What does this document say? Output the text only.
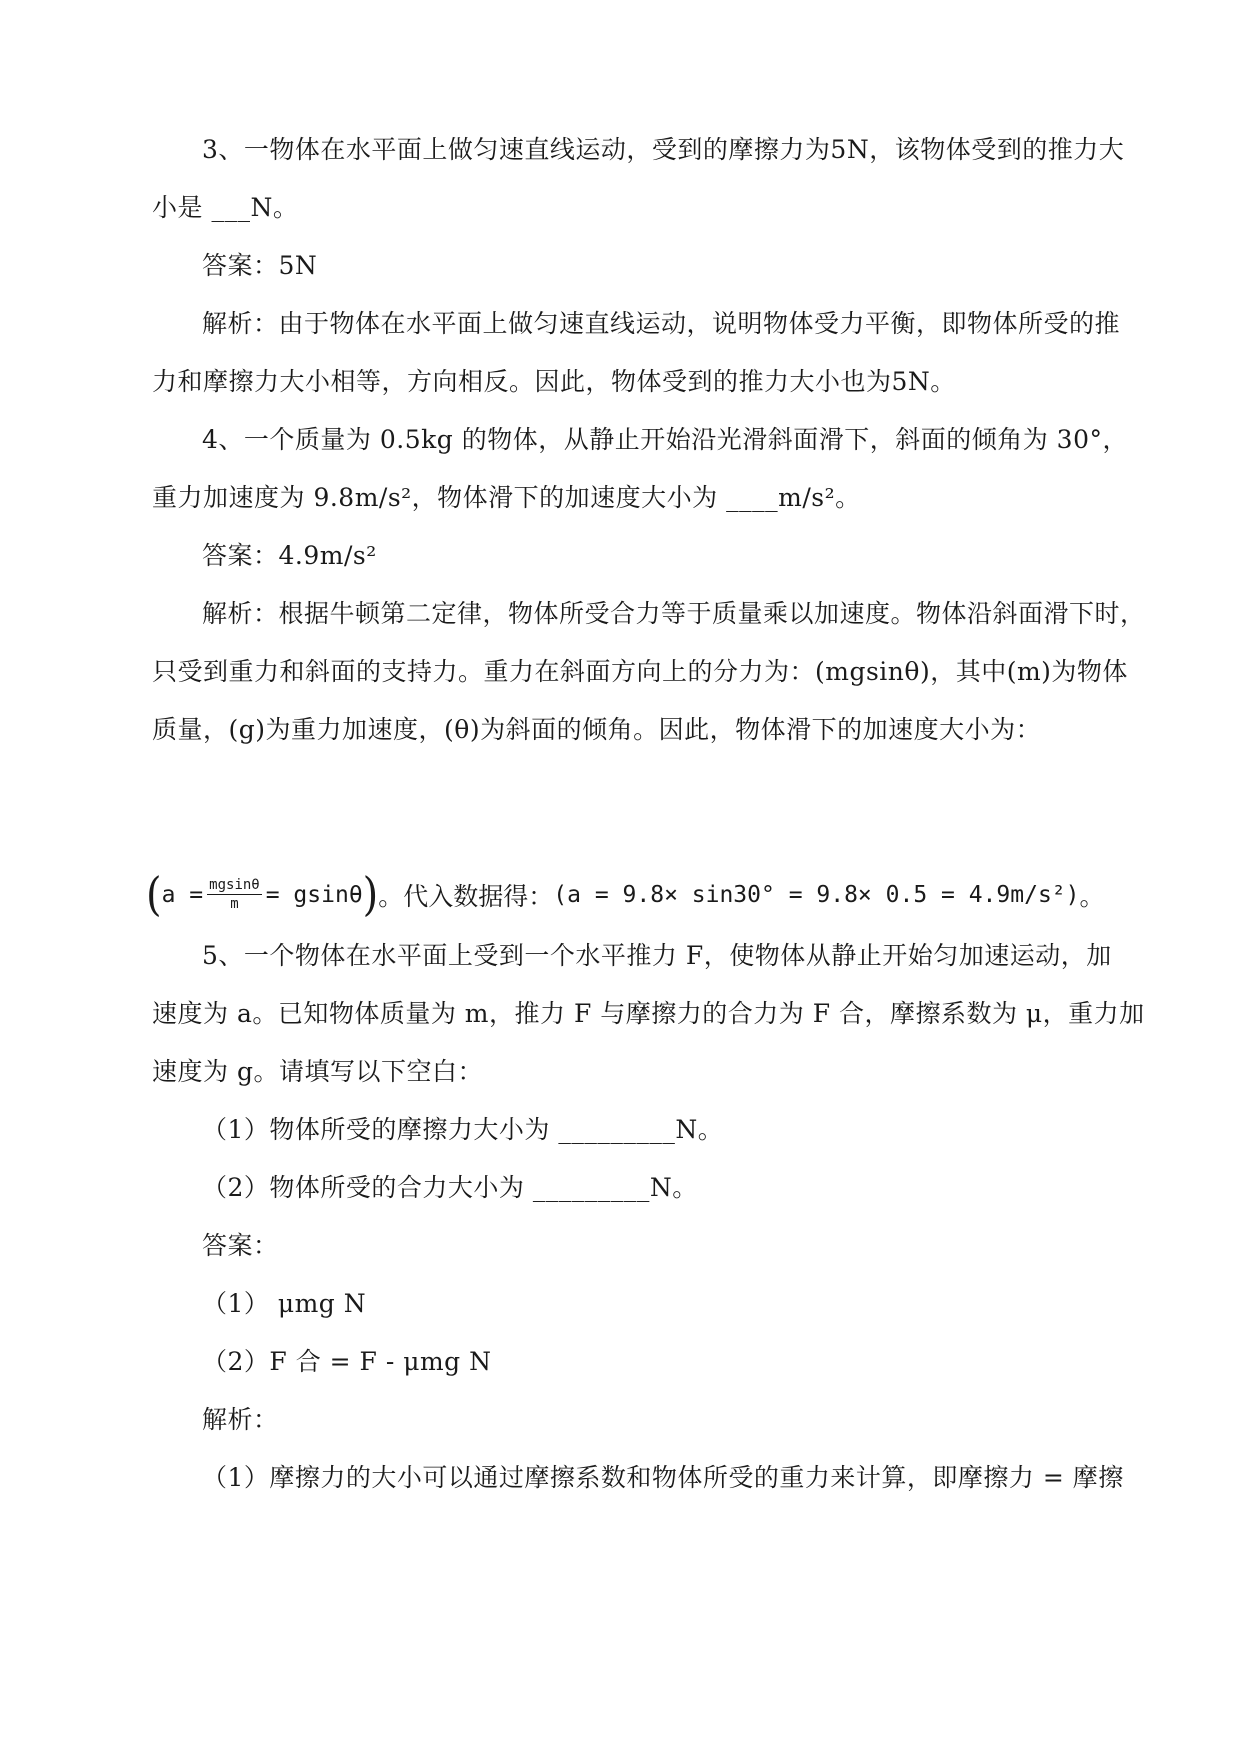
3、一物体在水平面上做匀速直线运动，受到的摩擦力为5N，该物体受到的推力大
小是 ___N。
答案：5N
解析：由于物体在水平面上做匀速直线运动，说明物体受力平衡，即物体所受的推
力和摩擦力大小相等，方向相反。因此，物体受到的推力大小也为5N。
4、一个质量为 0.5kg 的物体，从静止开始沿光滑斜面滑下，斜面的倾角为 30°，
重力加速度为 9.8m/s²，物体滑下的加速度大小为 ____m/s²。
答案：4.9m/s²
解析：根据牛顿第二定律，物体所受合力等于质量乘以加速度。物体沿斜面滑下时，
只受到重力和斜面的支持力。重力在斜面方向上的分力为：(mgsinθ)，其中(m)为物体
质量，(g)为重力加速度，(θ)为斜面的倾角。因此，物体滑下的加速度大小为：
( $a = \frac{mgsin\theta}{m} = gsin\theta$ ) 。代入数据得： (a = 9.8× sin30° = 9.8× 0.5 = 4.9m/s²) 。
5、一个物体在水平面上受到一个水平推力 F，使物体从静止开始匀加速运动，加
速度为 a。已知物体质量为 m，推力 F 与摩擦力的合力为 F 合，摩擦系数为 μ，重力加
速度为 g。请填写以下空白：
（1）物体所受的摩擦力大小为 _________N。
（2）物体所受的合力大小为 _________N。
答案：
（1） μmg N
（2）F 合 = F - μmg N
解析：
（1）摩擦力的大小可以通过摩擦系数和物体所受的重力来计算，即摩擦力 = 摩擦
